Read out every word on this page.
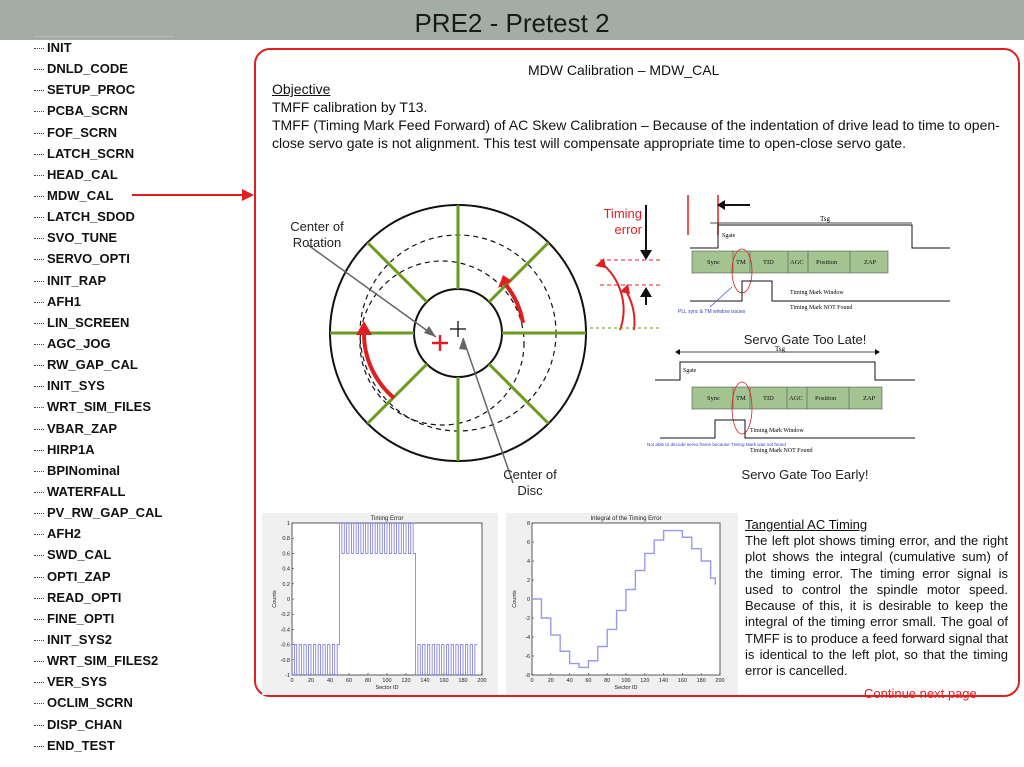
PRE2 - Pretest 2
INIT
DNLD_CODE
SETUP_PROC
PCBA_SCRN
FOF_SCRN
LATCH_SCRN
HEAD_CAL
MDW_CAL
LATCH_SDOD
SVO_TUNE
SERVO_OPTI
INIT_RAP
AFH1
LIN_SCREEN
AGC_JOG
RW_GAP_CAL
INIT_SYS
WRT_SIM_FILES
VBAR_ZAP
HIRP1A
BPINominal
WATERFALL
PV_RW_GAP_CAL
AFH2
SWD_CAL
OPTI_ZAP
READ_OPTI
FINE_OPTI
INIT_SYS2
WRT_SIM_FILES2
VER_SYS
OCLIM_SCRN
DISP_CHAN
END_TEST
MDW Calibration – MDW_CAL
Objective
TMFF calibration by T13.
TMFF (Timing Mark Feed Forward) of AC Skew Calibration – Because of the indentation of drive lead to time to open-close servo gate is not alignment. This test will compensate appropriate time to open-close servo gate.
Center of Rotation
Center of Disc
Timing error
Tsg
Sgate
Sync TM	TID AGC Position	ZAP
Timing Mark Window
Timing Mark NOT Found
PLL sync & TM window issues
Servo Gate Too Late!
Tsg
Sgate
Sync TM	TID AGC Position	ZAP
Timing Mark Window
Timing Mark NOT Found
Not able to decode servo frame because Timing Mark was not found
Servo Gate Too Early!
0	20 40 60 80 100 120 140 160 180 200
-1
-0.8
-0.6
-0.4
-0.2
0
0.2
0.4
0.6
0.8
1
Timing Error
Sector ID
Counts
0	20 40 60 80 100 120 140 160 180 200
-8
-6
-4
-2
0
2
4
6
8
Integral of the Timing Error
Sector ID
Counts
Tangential AC Timing
The left plot shows timing error, and the right plot shows the integral (cumulative sum) of the timing error. The timing error signal is used to control the spindle motor speed. Because of this, it is desirable to keep the integral of the timing error small. The goal of TMFF is to produce a feed forward signal that is identical to the left plot, so that the timing error is cancelled.
Continue next page
